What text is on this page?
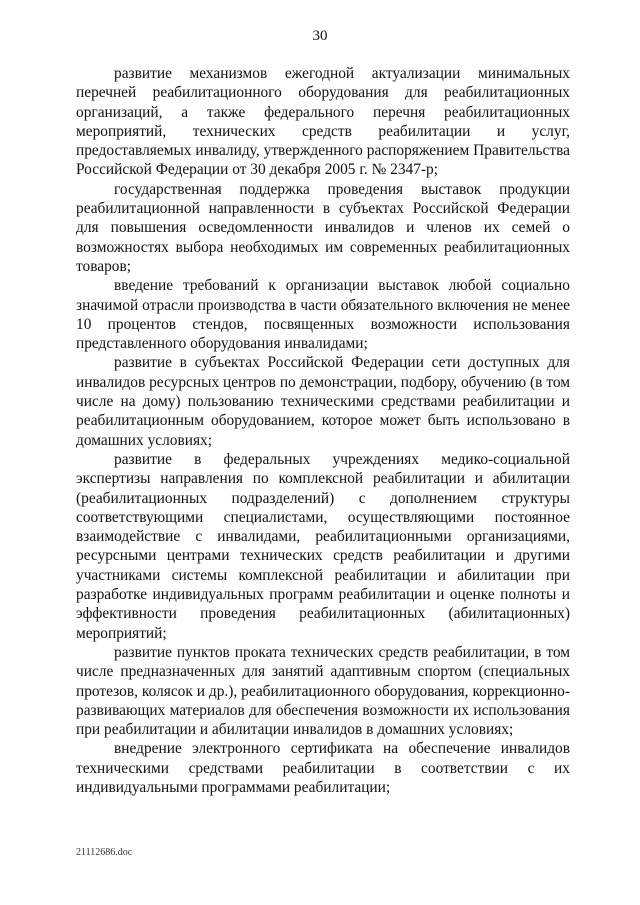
30

развитие механизмов ежегодной актуализации минимальных перечней реабилитационного оборудования для реабилитационных организаций, а также федерального перечня реабилитационных мероприятий, технических средств реабилитации и услуг, предоставляемых инвалиду, утвержденного распоряжением Правительства Российской Федерации от 30 декабря 2005 г. № 2347-р;

государственная поддержка проведения выставок продукции реабилитационной направленности в субъектах Российской Федерации для повышения осведомленности инвалидов и членов их семей о возможностях выбора необходимых им современных реабилитационных товаров;

введение требований к организации выставок любой социально значимой отрасли производства в части обязательного включения не менее 10 процентов стендов, посвященных возможности использования представленного оборудования инвалидами;

развитие в субъектах Российской Федерации сети доступных для инвалидов ресурсных центров по демонстрации, подбору, обучению (в том числе на дому) пользованию техническими средствами реабилитации и реабилитационным оборудованием, которое может быть использовано в домашних условиях;

развитие в федеральных учреждениях медико-социальной экспертизы направления по комплексной реабилитации и абилитации (реабилитационных подразделений) с дополнением структуры соответствующими специалистами, осуществляющими постоянное взаимодействие с инвалидами, реабилитационными организациями, ресурсными центрами технических средств реабилитации и другими участниками системы комплексной реабилитации и абилитации при разработке индивидуальных программ реабилитации и оценке полноты и эффективности проведения реабилитационных (абилитационных) мероприятий;

развитие пунктов проката технических средств реабилитации, в том числе предназначенных для занятий адаптивным спортом (специальных протезов, колясок и др.), реабилитационного оборудования, коррекционно-развивающих материалов для обеспечения возможности их использования при реабилитации и абилитации инвалидов в домашних условиях;

внедрение электронного сертификата на обеспечение инвалидов техническими средствами реабилитации в соответствии с их индивидуальными программами реабилитации;

21112686.doc
